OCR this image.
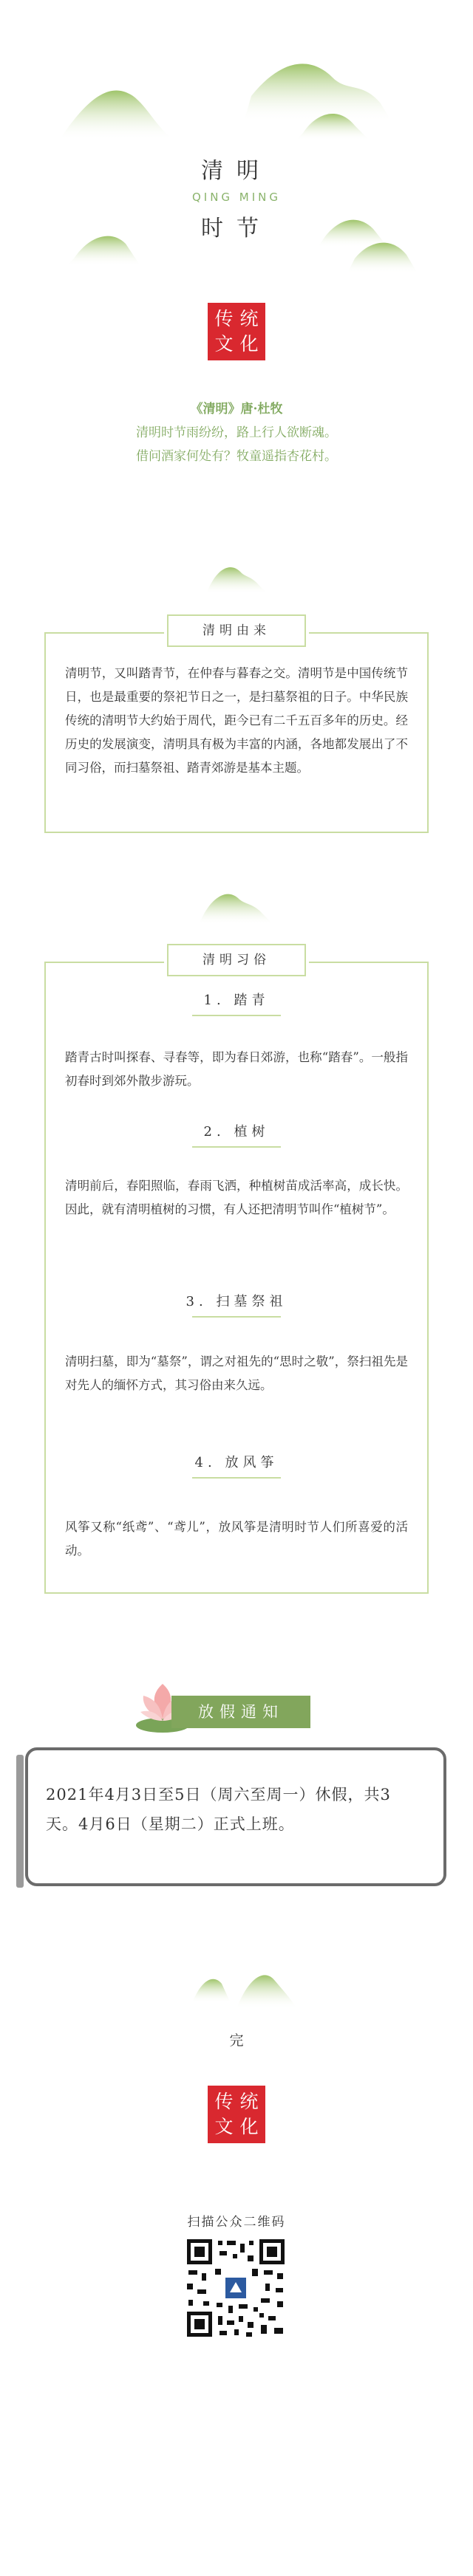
清明
QING MING
时节
传 统
文 化
《清明》唐·杜牧
清明时节雨纷纷，路上行人欲断魂。
借问酒家何处有？牧童遥指杏花村。
清明由来
清明节，又叫踏青节，在仲春与暮春之交。清明节是中国传统节日，也是最重要的祭祀节日之一，是扫墓祭祖的日子。中华民族传统的清明节大约始于周代，距今已有二千五百多年的历史。经历史的发展演变，清明具有极为丰富的内涵，各地都发展出了不同习俗，而扫墓祭祖、踏青郊游是基本主题。
清明习俗
1. 踏青
踏青古时叫探春、寻春等，即为春日郊游，也称“踏春”。一般指初春时到郊外散步游玩。
2. 植树
清明前后，春阳照临，春雨飞洒，种植树苗成活率高，成长快。因此，就有清明植树的习惯，有人还把清明节叫作“植树节”。
3. 扫墓祭祖
清明扫墓，即为“墓祭”，谓之对祖先的“思时之敬”，祭扫祖先是对先人的缅怀方式，其习俗由来久远。
4. 放风筝
风筝又称“纸鸢”、“鸢儿”，放风筝是清明时节人们所喜爱的活动。
放假通知
2021年4月3日至5日（周六至周一）休假，共3天。4月6日（星期二）正式上班。
完
传 统
文 化
扫描公众二维码
